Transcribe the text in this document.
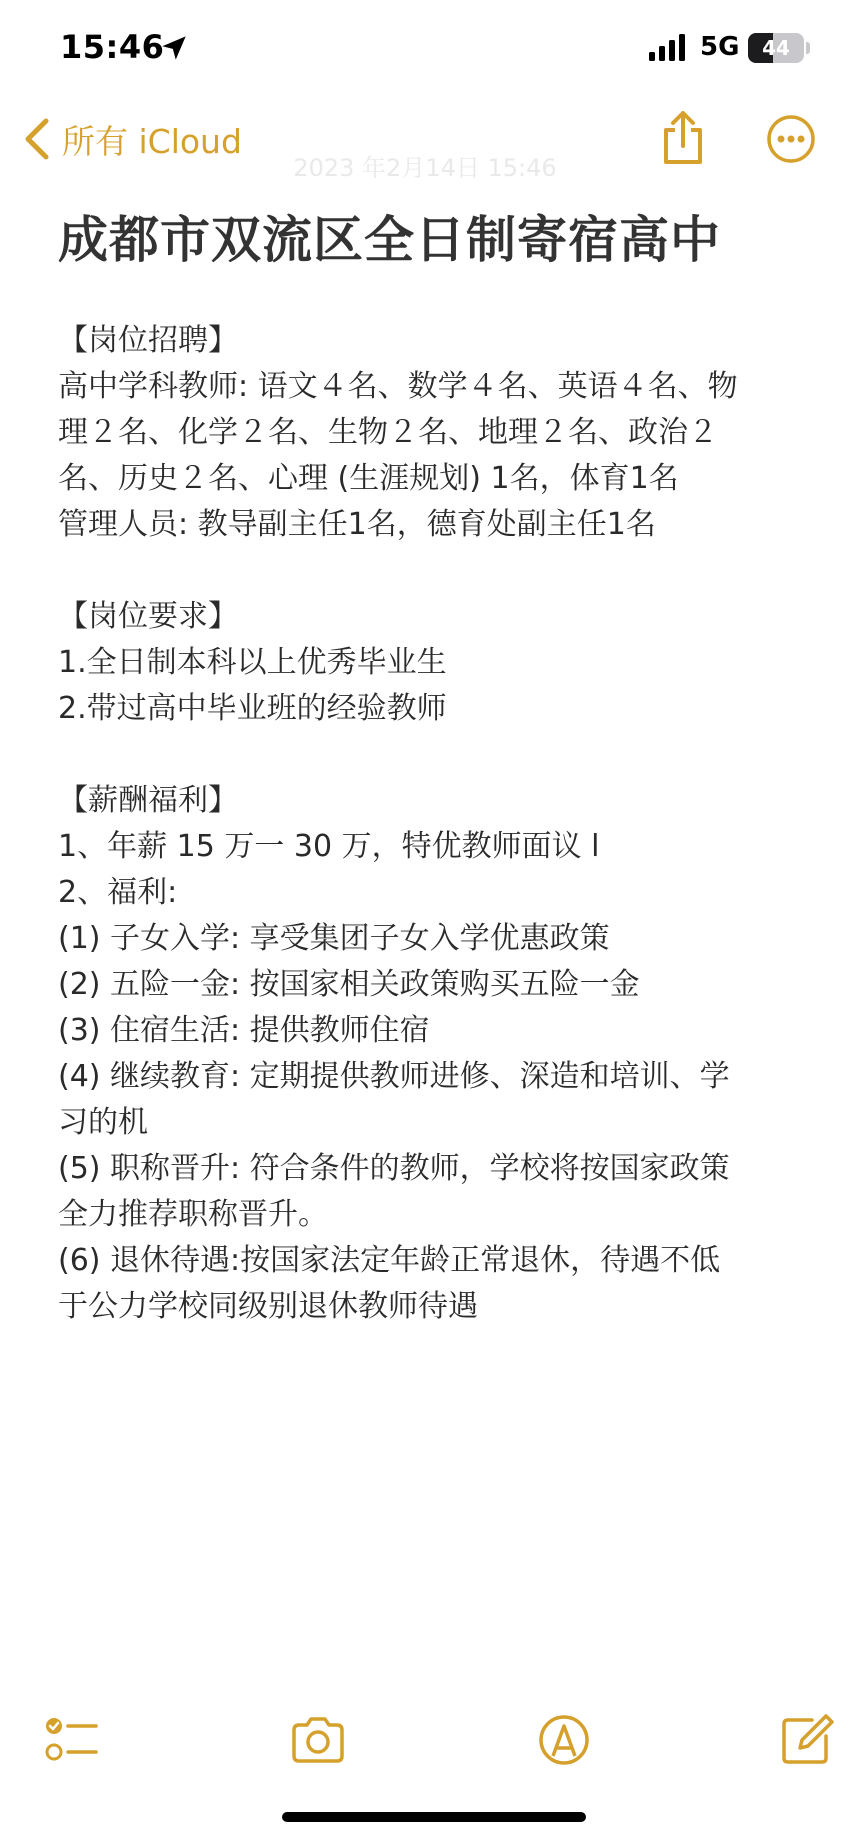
15:46	5G	44
所有 iCloud
2023 年2月14日 15:46
成都市双流区全日制寄宿高中
【岗位招聘】
高中学科教师: 语文４名、数学４名、英语４名、物
理２名、化学２名、生物２名、地理２名、政治２
名、历史２名、心理 (生涯规划) 1名，体育1名
管理人员: 教导副主任1名，德育处副主任1名
【岗位要求】
1.全日制本科以上优秀毕业生
2.带过高中毕业班的经验教师
【薪酬福利】
1、年薪 15 万一 30 万，特优教师面议 l
2、福利:
(1) 子女入学: 享受集团子女入学优惠政策
(2) 五险一金: 按国家相关政策购买五险一金
(3) 住宿生活: 提供教师住宿
(4) 继续教育: 定期提供教师进修、深造和培训、学
习的机
(5) 职称晋升: 符合条件的教师，学校将按国家政策
全力推荐职称晋升。
(6) 退休待遇:按国家法定年龄正常退休，待遇不低
于公力学校同级别退休教师待遇
